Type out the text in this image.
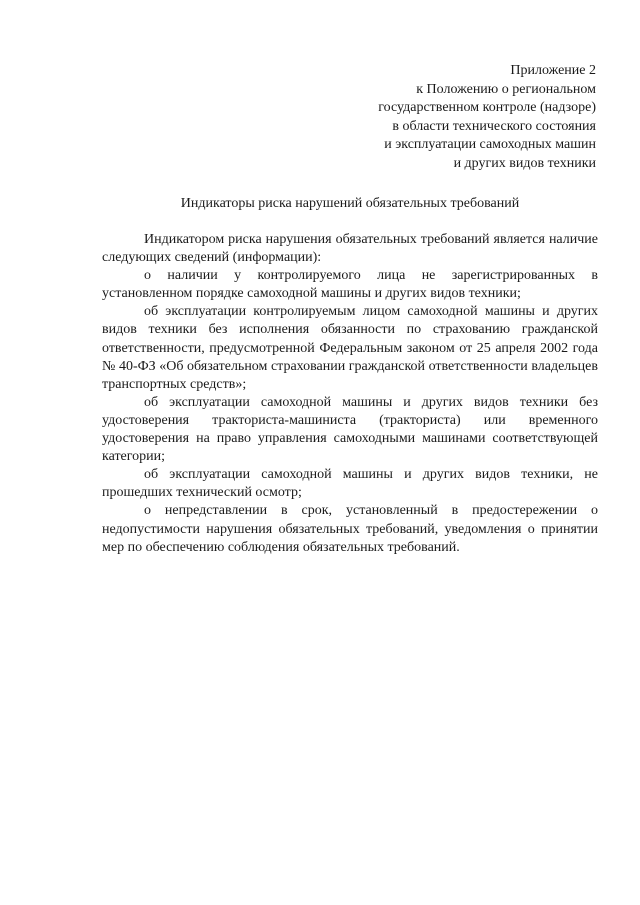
Приложение 2
к Положению о региональном
государственном контроле (надзоре)
в области технического состояния
и эксплуатации самоходных машин
и других видов техники
Индикаторы риска нарушений обязательных требований

Индикатором риска нарушения обязательных требований является наличие следующих сведений (информации):

о наличии у контролируемого лица не зарегистрированных в установленном порядке самоходной машины и других видов техники;

об эксплуатации контролируемым лицом самоходной машины и других видов техники без исполнения обязанности по страхованию гражданской ответственности, предусмотренной Федеральным законом от 25 апреля 2002 года № 40-ФЗ «Об обязательном страховании гражданской ответственности владельцев транспортных средств»;

об эксплуатации самоходной машины и других видов техники без удостоверения тракториста-машиниста (тракториста) или временного удостоверения на право управления самоходными машинами соответствующей категории;

об эксплуатации самоходной машины и других видов техники, не прошедших технический осмотр;

о непредставлении в срок, установленный в предостережении о недопустимости нарушения обязательных требований, уведомления о принятии мер по обеспечению соблюдения обязательных требований.
